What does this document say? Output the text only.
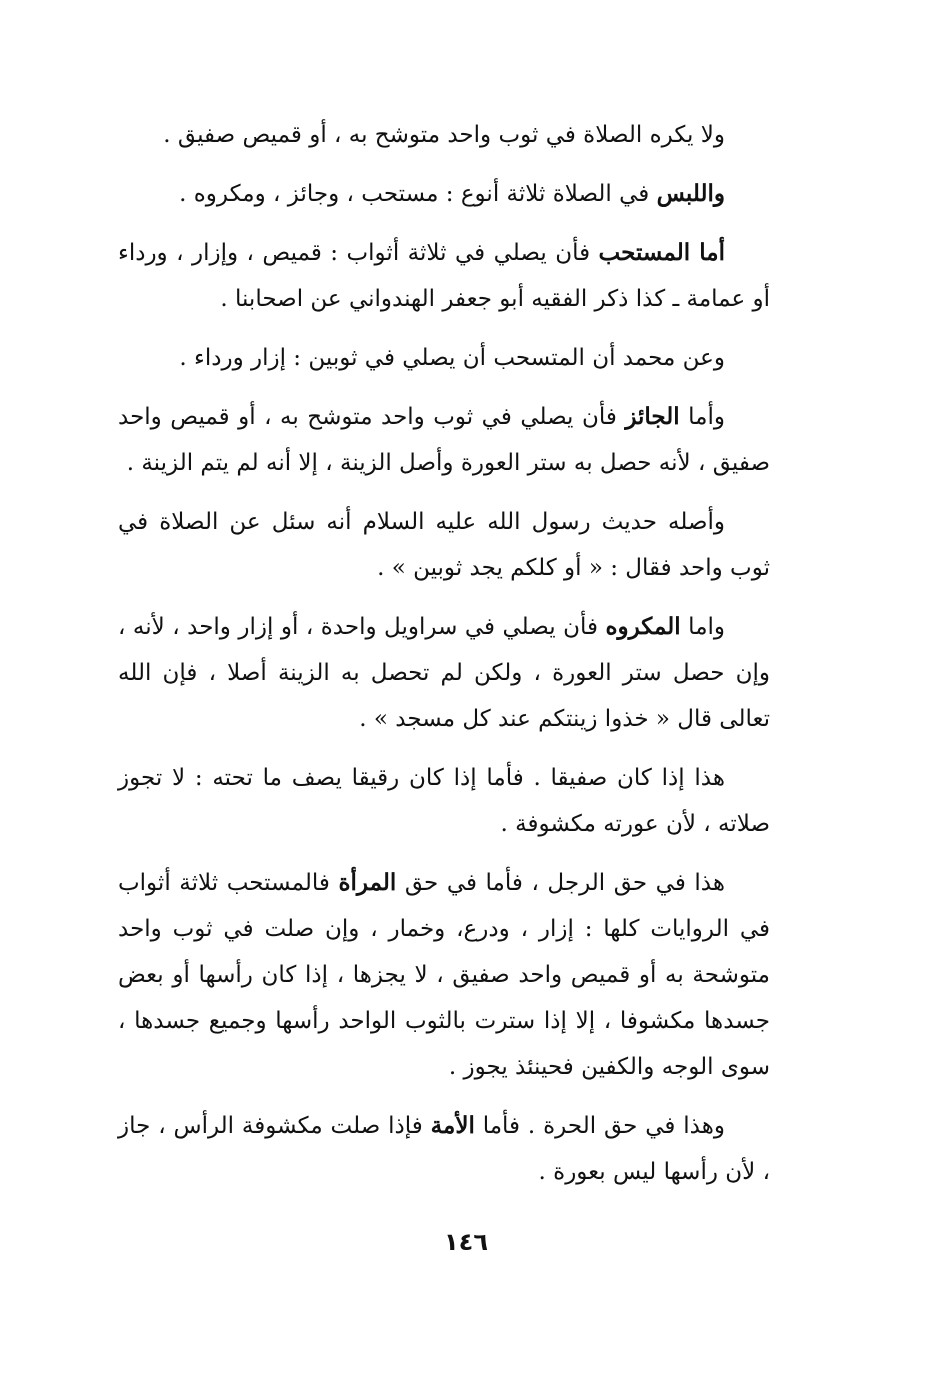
ولا يكره الصلاة في ثوب واحد متوشح به ، أو قميص صفيق .

واللبس في الصلاة ثلاثة أنوع : مستحب ، وجائز ، ومكروه .

أما المستحب فأن يصلي في ثلاثة أثواب : قميص ، وإزار ، ورداء أو عمامة ـ كذا ذكر الفقيه أبو جعفر الهندواني عن اصحابنا .

وعن محمد أن المتسحب أن يصلي في ثوبين : إزار ورداء .

وأما الجائز فأن يصلي في ثوب واحد متوشح به ، أو قميص واحد صفيق ، لأنه حصل به ستر العورة وأصل الزينة ، إلا أنه لم يتم الزينة .

وأصله حديث رسول الله عليه السلام أنه سئل عن الصلاة في ثوب واحد فقال : « أو كلكم يجد ثوبين » .

واما المكروه فأن يصلي في سراويل واحدة ، أو إزار واحد ، لأنه ، وإن حصل ستر العورة ، ولكن لم تحصل به الزينة أصلا ، فإن الله تعالى قال « خذوا زينتكم عند كل مسجد » .

هذا إذا كان صفيقا . فأما إذا كان رقيقا يصف ما تحته : لا تجوز صلاته ، لأن عورته مكشوفة .

هذا في حق الرجل ، فأما في حق المرأة فالمستحب ثلاثة أثواب في الروايات كلها : إزار ، ودرع، وخمار ، وإن صلت في ثوب واحد متوشحة به أو قميص واحد صفيق ، لا يجزها ، إذا كان رأسها أو بعض جسدها مكشوفا ، إلا إذا سترت بالثوب الواحد رأسها وجميع جسدها ، سوى الوجه والكفين فحينئذ يجوز .

وهذا في حق الحرة . فأما الأمة فإذا صلت مكشوفة الرأس ، جاز ، لأن رأسها ليس بعورة .

١٤٦
